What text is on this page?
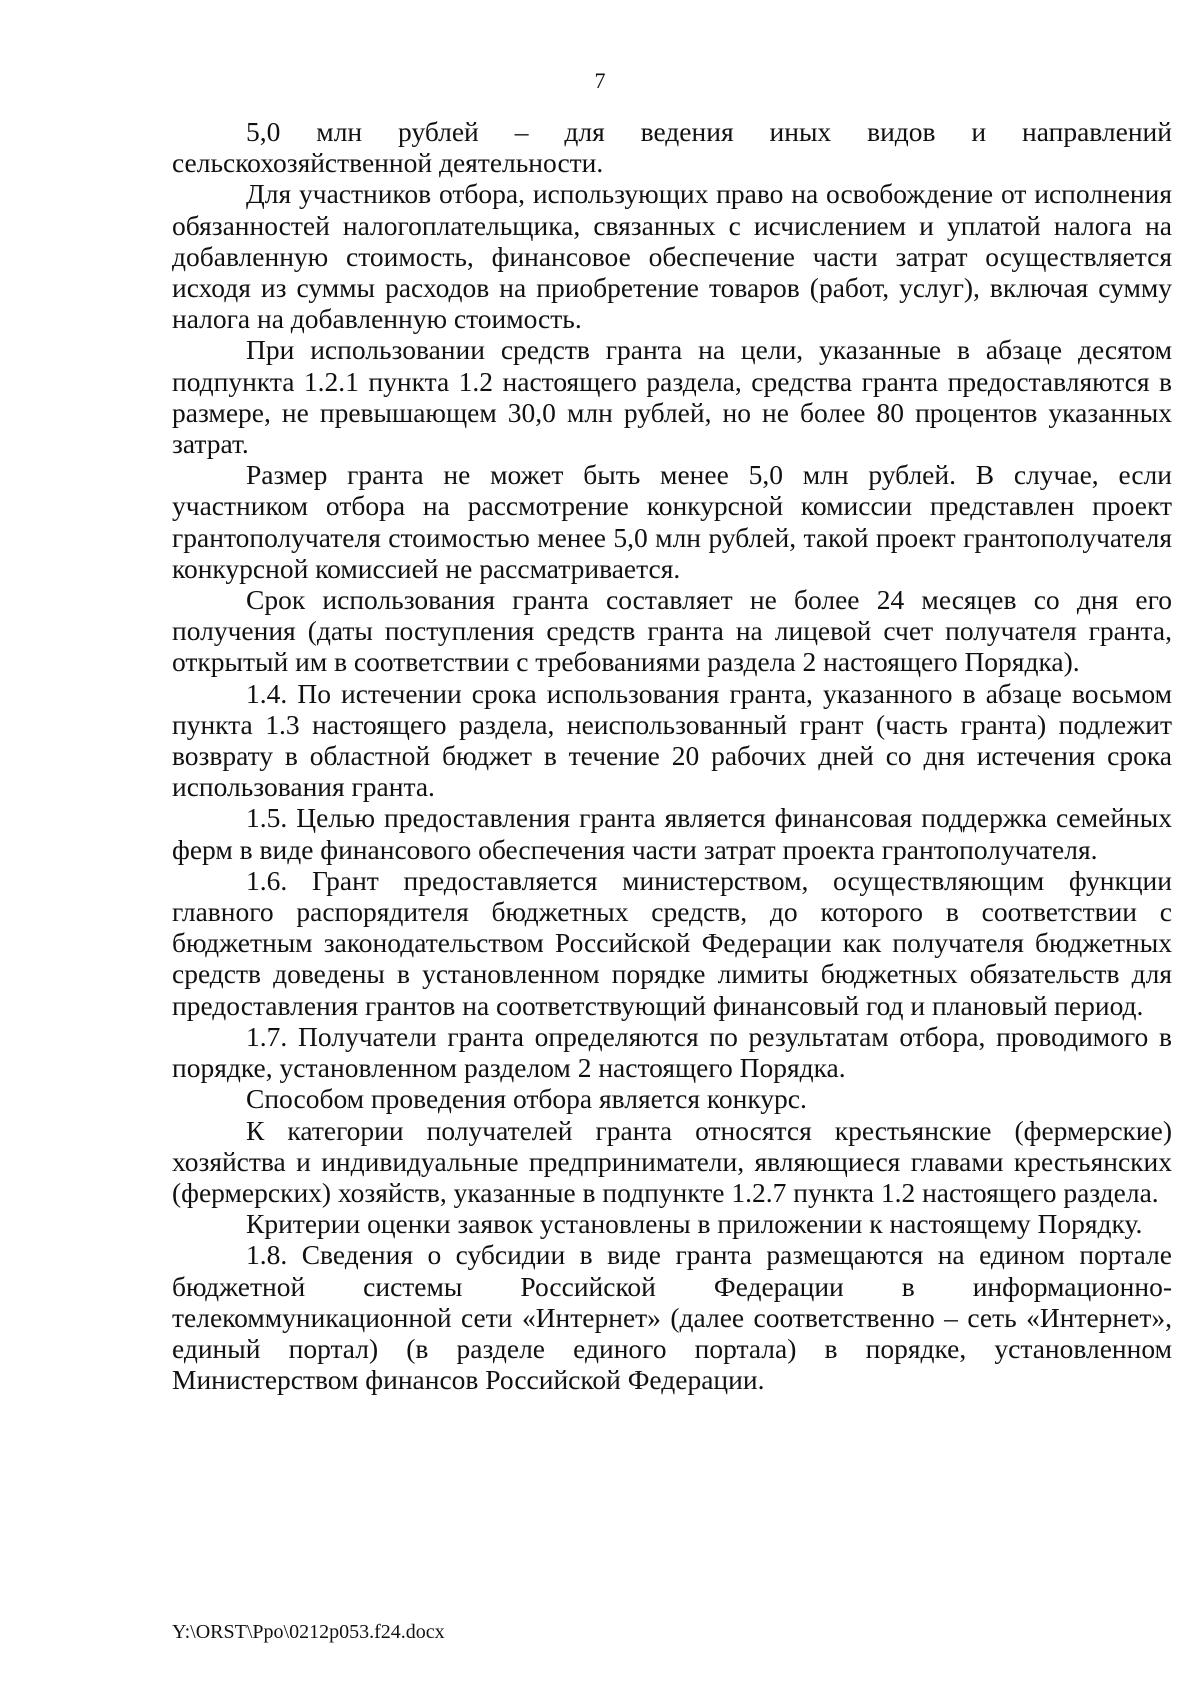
7

5,0 млн рублей – для ведения иных видов и направлений сельскохозяйственной деятельности.

Для участников отбора, использующих право на освобождение от исполнения обязанностей налогоплательщика, связанных с исчислением и уплатой налога на добавленную стоимость, финансовое обеспечение части затрат осуществляется исходя из суммы расходов на приобретение товаров (работ, услуг), включая сумму налога на добавленную стоимость.

При использовании средств гранта на цели, указанные в абзаце десятом подпункта 1.2.1 пункта 1.2 настоящего раздела, средства гранта предоставляются в размере, не превышающем 30,0 млн рублей, но не более 80 процентов указанных затрат.

Размер гранта не может быть менее 5,0 млн рублей. В случае, если участником отбора на рассмотрение конкурсной комиссии представлен проект грантополучателя стоимостью менее 5,0 млн рублей, такой проект грантополучателя конкурсной комиссией не рассматривается.

Срок использования гранта составляет не более 24 месяцев со дня его получения (даты поступления средств гранта на лицевой счет получателя гранта, открытый им в соответствии с требованиями раздела 2 настоящего Порядка).

1.4. По истечении срока использования гранта, указанного в абзаце восьмом пункта 1.3 настоящего раздела, неиспользованный грант (часть гранта) подлежит возврату в областной бюджет в течение 20 рабочих дней со дня истечения срока использования гранта.

1.5. Целью предоставления гранта является финансовая поддержка семейных ферм в виде финансового обеспечения части затрат проекта грантополучателя.

1.6. Грант предоставляется министерством, осуществляющим функции главного распорядителя бюджетных средств, до которого в соответствии с бюджетным законодательством Российской Федерации как получателя бюджетных средств доведены в установленном порядке лимиты бюджетных обязательств для предоставления грантов на соответствующий финансовый год и плановый период.

1.7. Получатели гранта определяются по результатам отбора, проводимого в порядке, установленном разделом 2 настоящего Порядка.

Способом проведения отбора является конкурс.

К категории получателей гранта относятся крестьянские (фермерские) хозяйства и индивидуальные предприниматели, являющиеся главами крестьянских (фермерских) хозяйств, указанные в подпункте 1.2.7 пункта 1.2 настоящего раздела.

Критерии оценки заявок установлены в приложении к настоящему Порядку.

1.8. Сведения о субсидии в виде гранта размещаются на едином портале бюджетной системы Российской Федерации в информационно-телекоммуникационной сети «Интернет» (далее соответственно – сеть «Интернет», единый портал) (в разделе единого портала) в порядке, установленном Министерством финансов Российской Федерации.

Y:\ORST\Ppo\0212p053.f24.docx
